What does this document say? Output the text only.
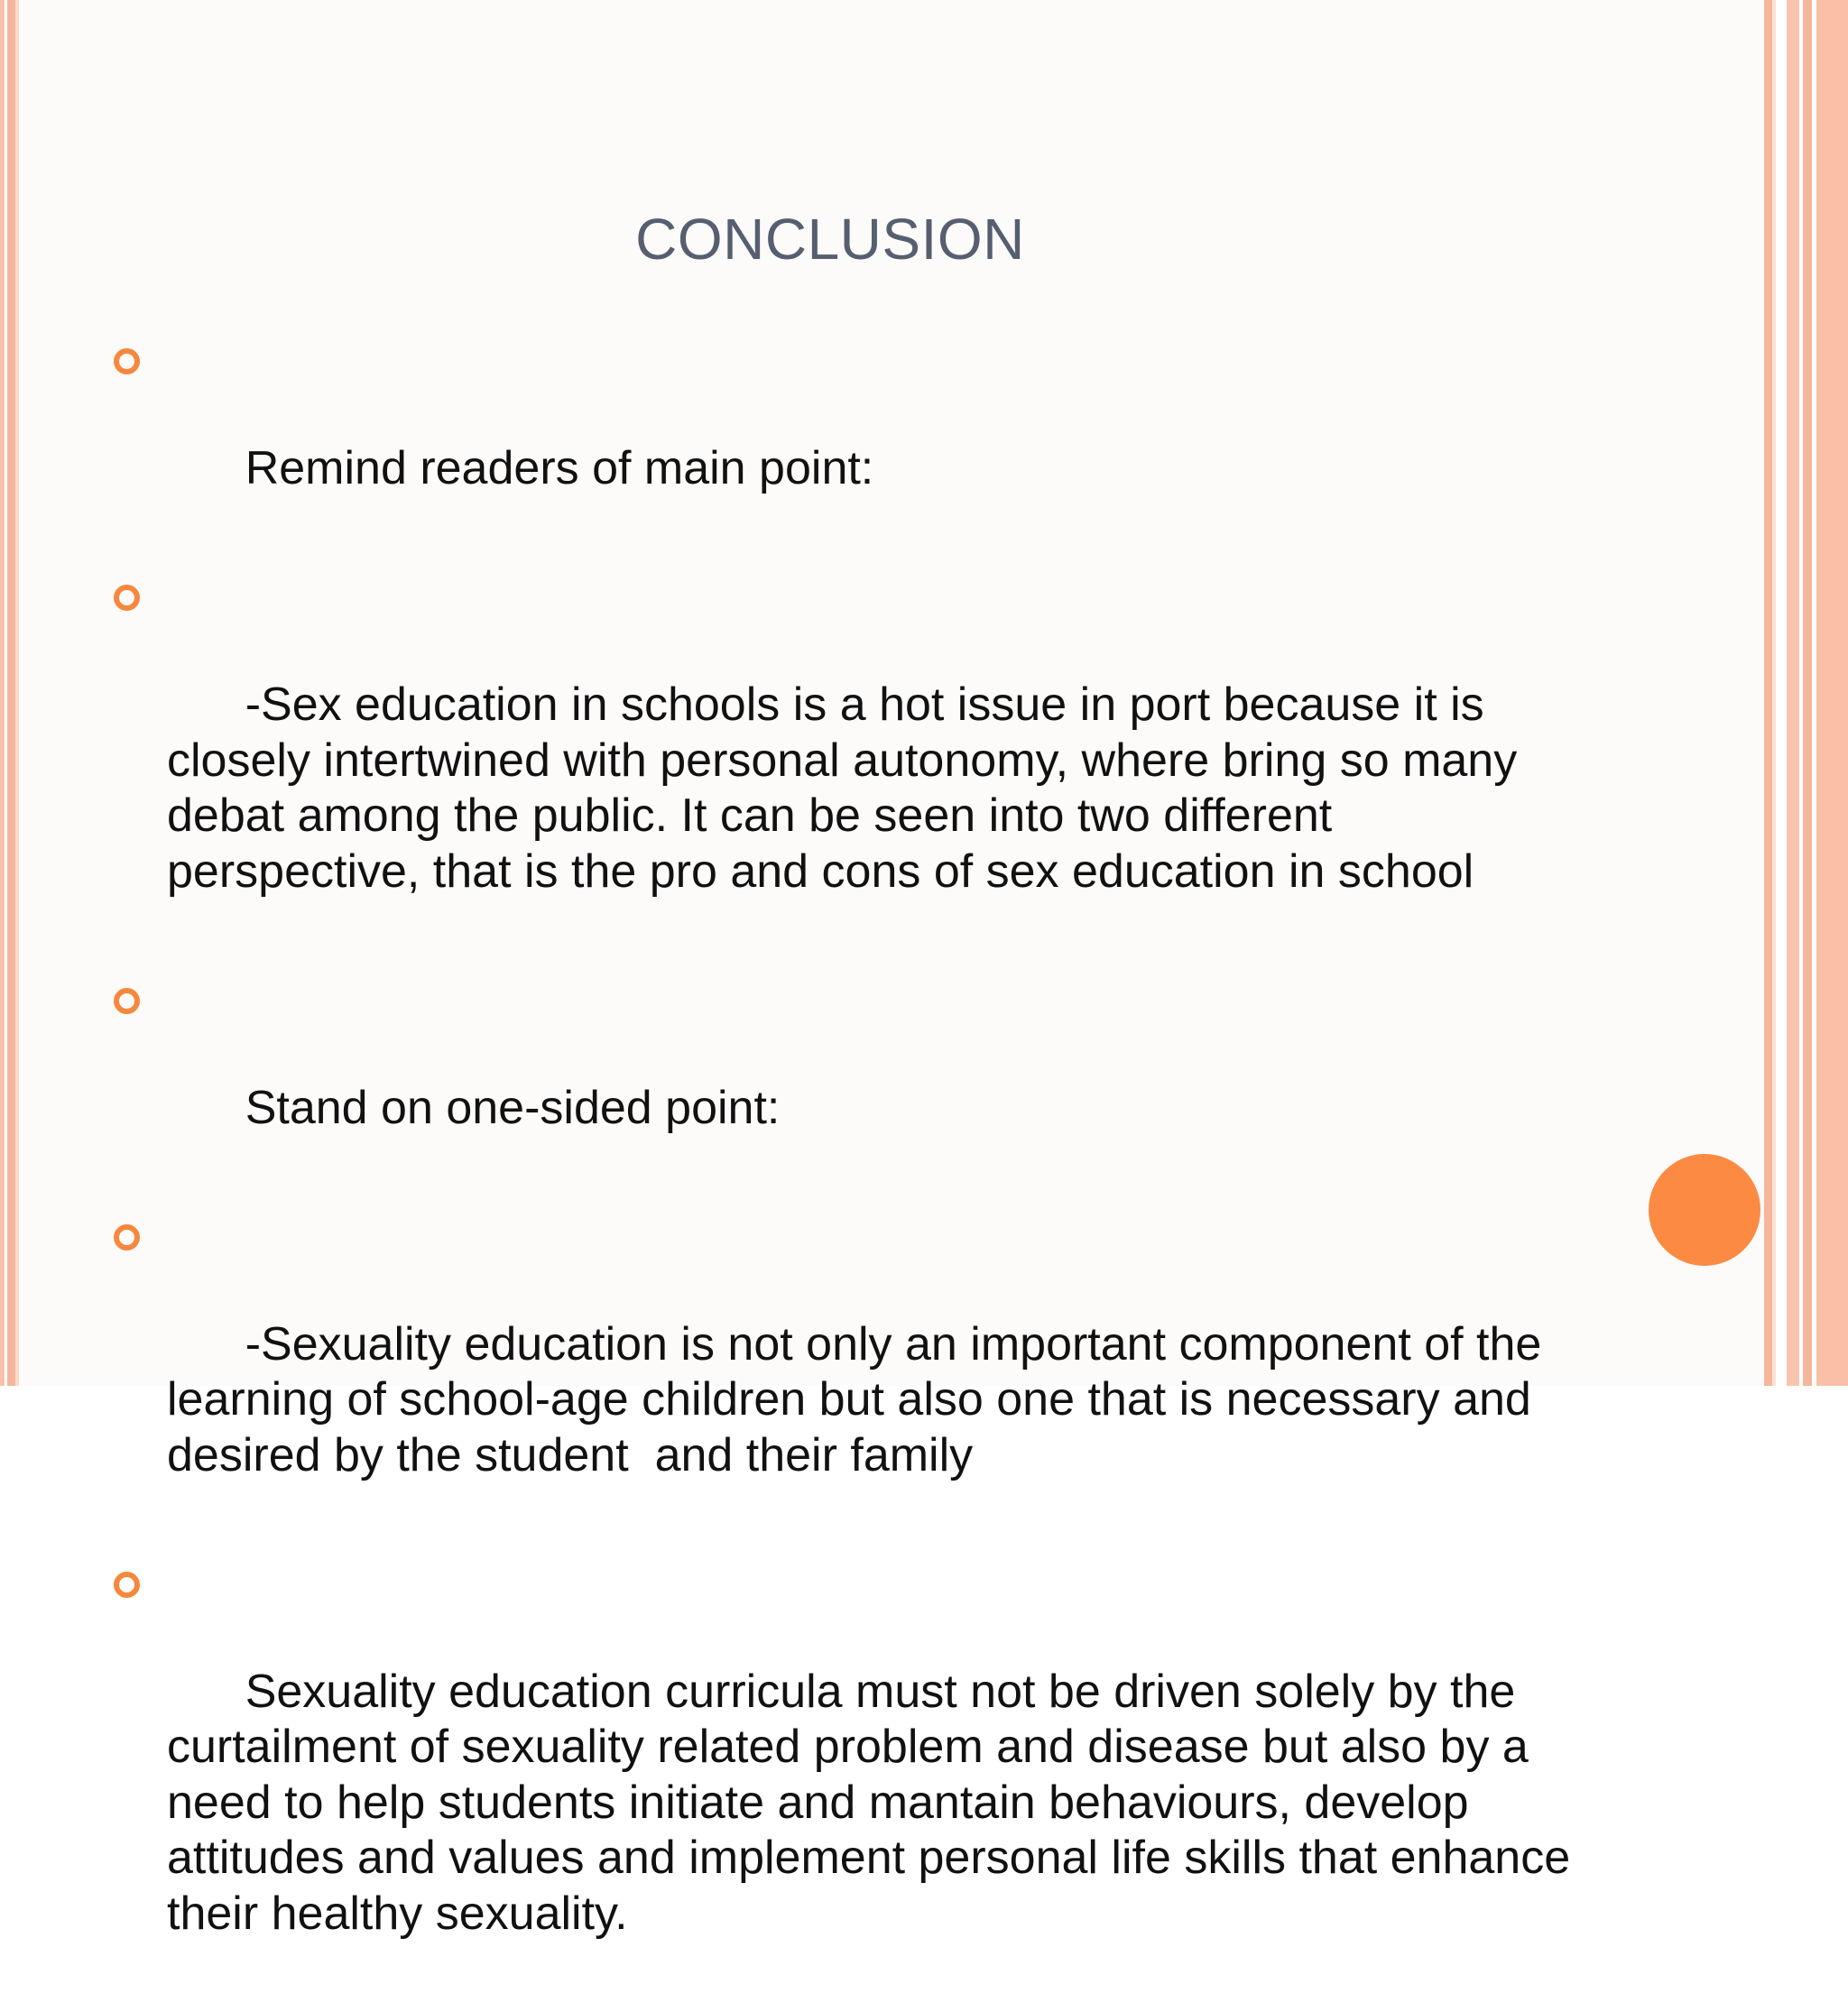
CONCLUSION

Remind readers of main point:

-Sex education in schools is a hot issue in port because it is closely intertwined with personal autonomy, where bring so many debat among the public. It can be seen into two different perspective, that is the pro and cons of sex education in school

Stand on one-sided point:

-Sexuality education is not only an important component of the learning of school-age children but also one that is necessary and desired by the student  and their family

Sexuality education curricula must not be driven solely by the curtailment of sexuality related problem and disease but also by a need to help students initiate and mantain behaviours, develop attitudes and values and implement personal life skills that enhance their healthy sexuality.
